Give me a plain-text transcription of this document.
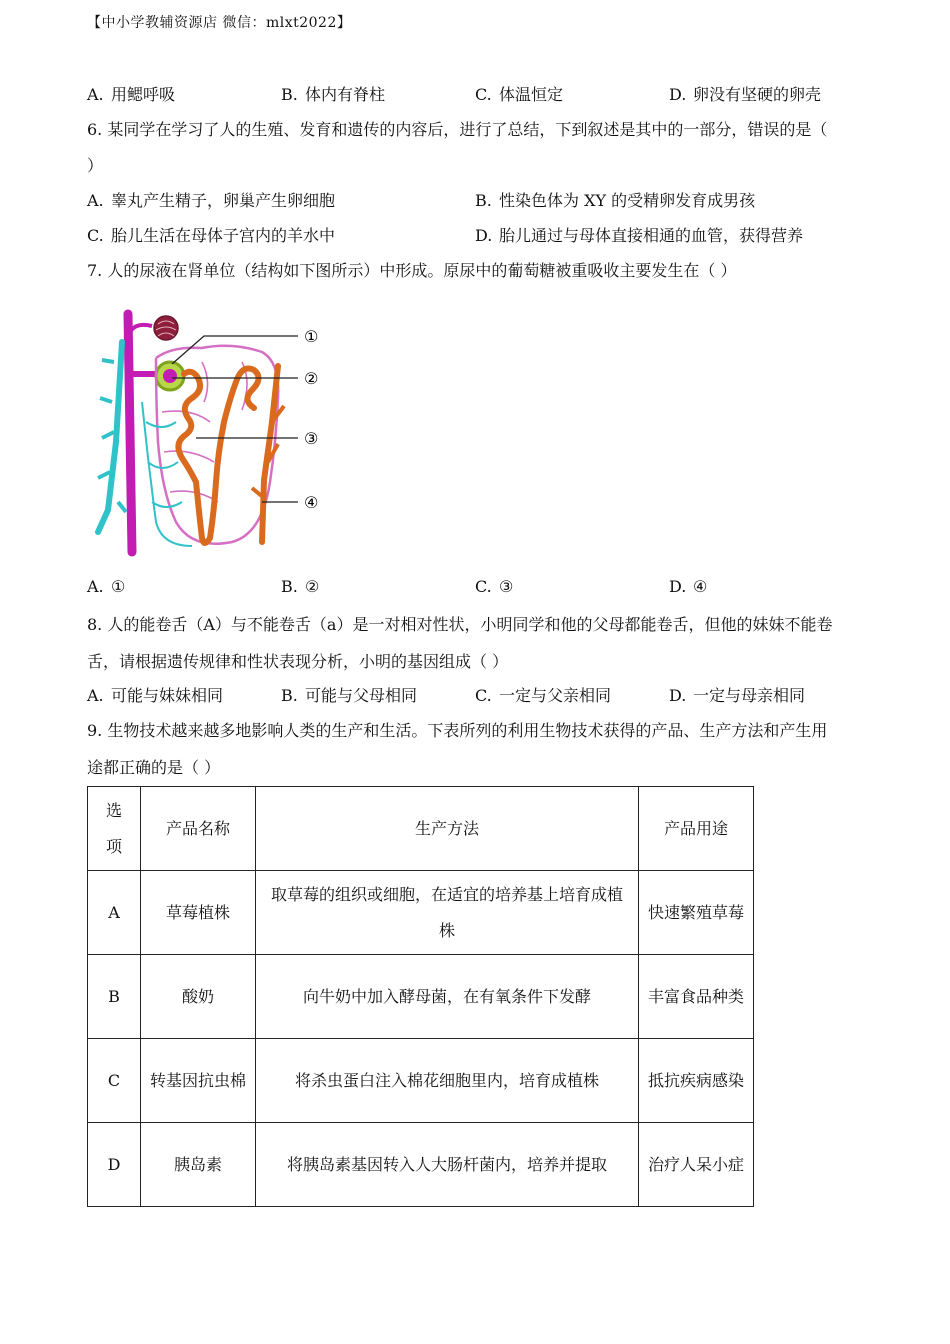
【中小学教辅资源店 微信：mlxt2022】
A. 用鳃呼吸	B. 体内有脊柱	C. 体温恒定	D. 卵没有坚硬的卵壳
6. 某同学在学习了人的生殖、发育和遗传的内容后，进行了总结，下到叙述是其中的一部分，错误的是（
）
A. 睾丸产生精子，卵巢产生卵细胞	B. 性染色体为 XY 的受精卵发育成男孩
C. 胎儿生活在母体子宫内的羊水中	D. 胎儿通过与母体直接相通的血管，获得营养
7. 人的尿液在肾单位（结构如下图所示）中形成。原尿中的葡萄糖被重吸收主要发生在（ ）
①
②
③
④
A. ①	B. ②	C. ③	D. ④
8. 人的能卷舌（A）与不能卷舌（a）是一对相对性状，小明同学和他的父母都能卷舌，但他的妹妹不能卷
舌，请根据遗传规律和性状表现分析，小明的基因组成（ ）
A. 可能与妹妹相同	B. 可能与父母相同	C. 一定与父亲相同	D. 一定与母亲相同
9. 生物技术越来越多地影响人类的生产和生活。下表所列的利用生物技术获得的产品、生产方法和产生用
途都正确的是（ ）
选项	产品名称	生产方法	产品用途
A	草莓植株	取草莓的组织或细胞，在适宜的培养基上培育成植株	快速繁殖草莓
B	酸奶	向牛奶中加入酵母菌，在有氧条件下发酵	丰富食品种类
C	转基因抗虫棉	将杀虫蛋白注入棉花细胞里内，培育成植株	抵抗疾病感染
D	胰岛素	将胰岛素基因转入人大肠杆菌内，培养并提取	治疗人呆小症
